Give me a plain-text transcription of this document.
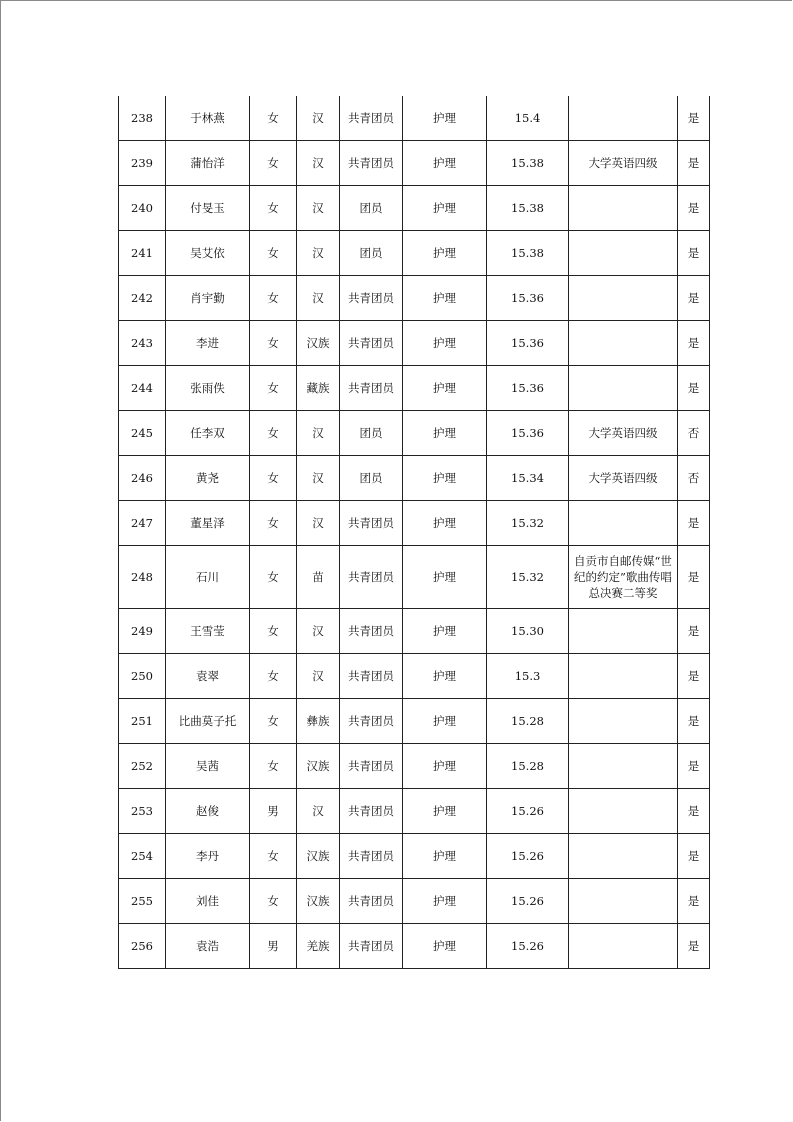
238	于林燕	女	汉	共青团员	护理	15.4		是
239	蒲怡洋	女	汉	共青团员	护理	15.38	大学英语四级	是
240	付旻玉	女	汉	团员	护理	15.38		是
241	吴艾依	女	汉	团员	护理	15.38		是
242	肖宇勤	女	汉	共青团员	护理	15.36		是
243	李进	女	汉族	共青团员	护理	15.36		是
244	张雨佚	女	藏族	共青团员	护理	15.36		是
245	任李双	女	汉	团员	护理	15.36	大学英语四级	否
246	黄尧	女	汉	团员	护理	15.34	大学英语四级	否
247	董星泽	女	汉	共青团员	护理	15.32		是
248	石川	女	苗	共青团员	护理	15.32	自贡市自邮传媒“世纪的约定”歌曲传唱总决赛二等奖	是
249	王雪莹	女	汉	共青团员	护理	15.30		是
250	袁翠	女	汉	共青团员	护理	15.3		是
251	比曲莫子托	女	彝族	共青团员	护理	15.28		是
252	吴茜	女	汉族	共青团员	护理	15.28		是
253	赵俊	男	汉	共青团员	护理	15.26		是
254	李丹	女	汉族	共青团员	护理	15.26		是
255	刘佳	女	汉族	共青团员	护理	15.26		是
256	袁浩	男	羌族	共青团员	护理	15.26		是
